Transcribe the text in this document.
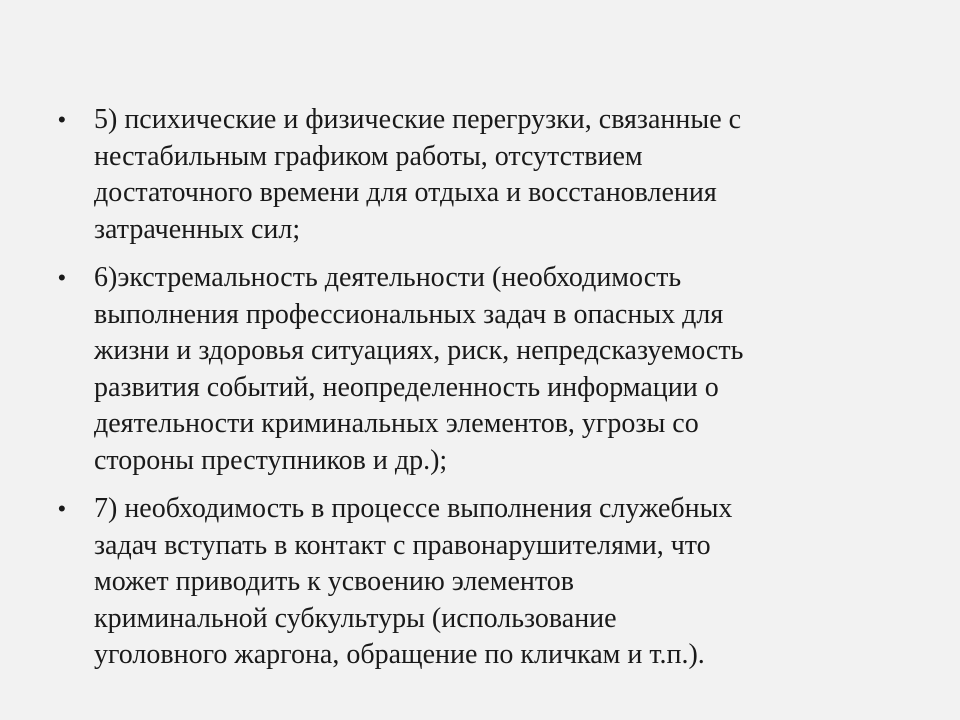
• 5) психические и физические перегрузки, связанные с
нестабильным графиком работы, отсутствием
достаточного времени для отдыха и восстановления
затраченных сил;
• 6)экстремальность деятельности (необходимость
выполнения профессиональных задач в опасных для
жизни и здоровья ситуациях, риск, непредсказуемость
развития событий, неопределенность информации о
деятельности криминальных элементов, угрозы со
стороны преступников и др.);
• 7) необходимость в процессе выполнения служебных
задач вступать в контакт с правонарушителями, что
может приводить к усвоению элементов
криминальной субкультуры (использование
уголовного жаргона, обращение по кличкам и т.п.).
